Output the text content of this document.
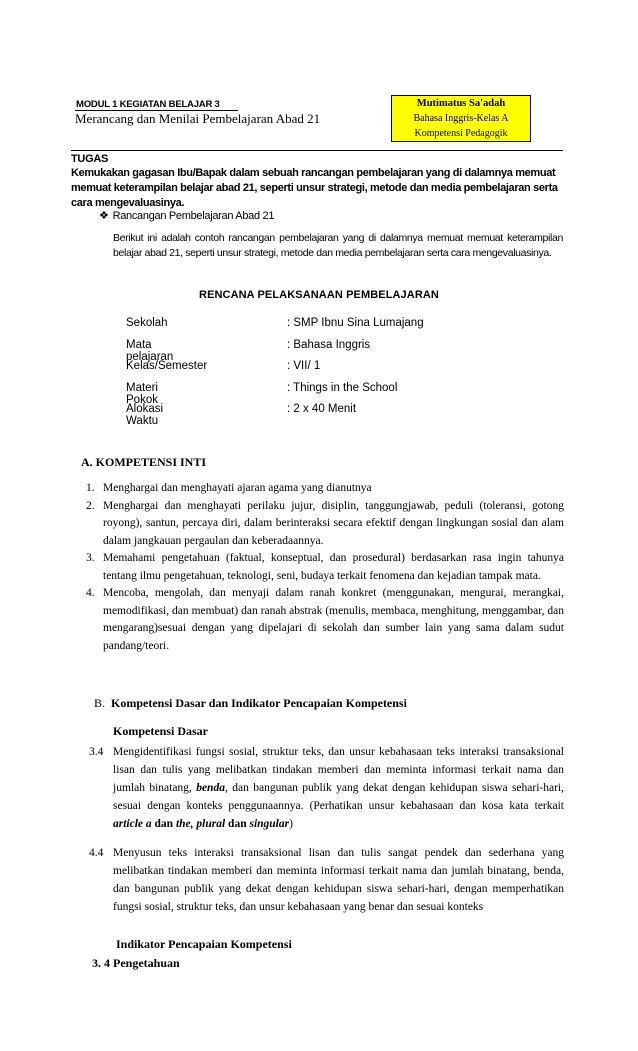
MODUL 1 KEGIATAN BELAJAR 3
Merancang dan Menilai Pembelajaran Abad 21
Mutimatus Sa'adah
Bahasa Inggris-Kelas A
Kompetensi Pedagogik
TUGAS
Kemukakan gagasan Ibu/Bapak dalam sebuah rancangan pembelajaran yang di dalamnya memuat memuat keterampilan belajar abad 21, seperti unsur strategi, metode dan media pembelajaran serta cara mengevaluasinya.
❖ Rancangan Pembelajaran Abad 21
Berikut ini adalah contoh rancangan pembelajaran yang di dalamnya memuat memuat keterampilan belajar abad 21, seperti unsur strategi, metode dan media pembelajaran serta cara mengevaluasinya.
RENCANA PELAKSANAAN PEMBELAJARAN
Sekolah	: SMP Ibnu Sina Lumajang
Mata pelajaran
: Bahasa Inggris
Kelas/Semester	: VII/ 1
Materi Pokok
: Things in the School
Alokasi Waktu
: 2 x 40 Menit
A. KOMPETENSI INTI
1. Menghargai dan menghayati ajaran agama yang dianutnya
2. Menghargai dan menghayati perilaku jujur, disiplin, tanggungjawab, peduli (toleransi, gotong royong), santun, percaya diri, dalam berinteraksi secara efektif dengan lingkungan sosial dan alam dalam jangkauan pergaulan dan keberadaannya.
3. Memahami pengetahuan (faktual, konseptual, dan prosedural) berdasarkan rasa ingin tahunya tentang ilmu pengetahuan, teknologi, seni, budaya terkait fenomena dan kejadian tampak mata.
4. Mencoba, mengolah, dan menyaji dalam ranah konkret (menggunakan, mengurai, merangkai, memodifikasi, dan membuat) dan ranah abstrak (menulis, membaca, menghitung, menggambar, dan mengarang)sesuai dengan yang dipelajari di sekolah dan sumber lain yang sama dalam sudut pandang/teori.
B. Kompetensi Dasar dan Indikator Pencapaian Kompetensi
Kompetensi Dasar
3.4 Mengidentifikasi fungsi sosial, struktur teks, dan unsur kebahasaan teks interaksi transaksional lisan dan tulis yang melibatkan tindakan memberi dan meminta informasi terkait nama dan jumlah binatang, benda, dan bangunan publik yang dekat dengan kehidupan siswa sehari-hari, sesuai dengan konteks penggunaannya. (Perhatikan unsur kebahasaan dan kosa kata terkait article a dan the, plural dan singular)
4.4 Menyusun teks interaksi transaksional lisan dan tulis sangat pendek dan sederhana yang melibatkan tindakan memberi dan meminta informasi terkait nama dan jumlah binatang, benda, dan bangunan publik yang dekat dengan kehidupan siswa sehari-hari, dengan memperhatikan fungsi sosial, struktur teks, dan unsur kebahasaan yang benar dan sesuai konteks
Indikator Pencapaian Kompetensi
3. 4 Pengetahuan
